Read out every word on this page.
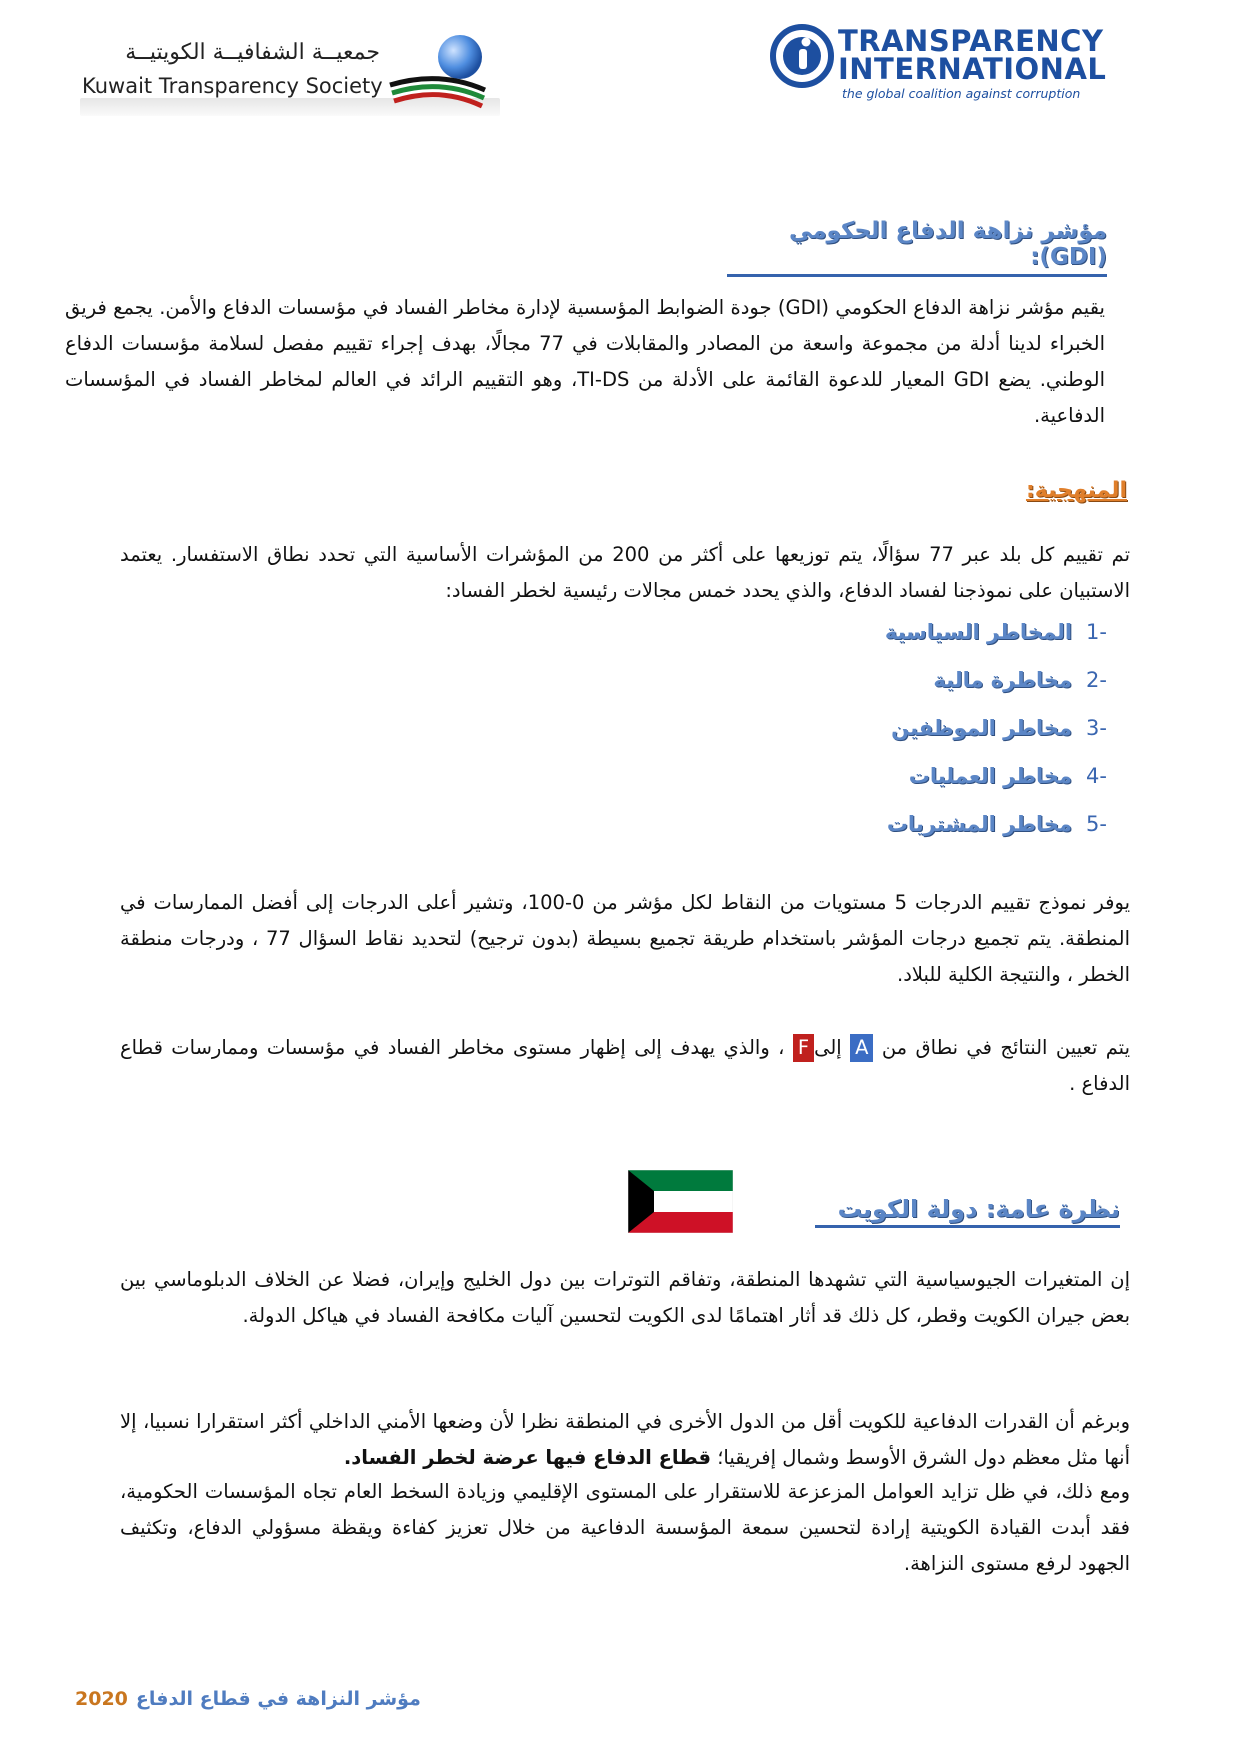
جمعيــة الشفافيــة الكويتيــة
Kuwait Transparency Society
TRANSPARENCY
INTERNATIONAL
the global coalition against corruption
مؤشر نزاهة الدفاع الحكومي (GDI):
يقيم مؤشر نزاهة الدفاع الحكومي (GDI) جودة الضوابط المؤسسية لإدارة مخاطر الفساد في مؤسسات الدفاع والأمن. يجمع فريق الخبراء لدينا أدلة من مجموعة واسعة من المصادر والمقابلات في 77 مجالًا، بهدف إجراء تقييم مفصل لسلامة مؤسسات الدفاع الوطني. يضع GDI المعيار للدعوة القائمة على الأدلة من TI-DS، وهو التقييم الرائد في العالم لمخاطر الفساد في المؤسسات الدفاعية.
المنهجية:
تم تقييم كل بلد عبر 77 سؤالًا، يتم توزيعها على أكثر من 200 من المؤشرات الأساسية التي تحدد نطاق الاستفسار. يعتمد الاستبيان على نموذجنا لفساد الدفاع، والذي يحدد خمس مجالات رئيسية لخطر الفساد:
-1المخاطر السياسية
-2مخاطرة مالية
-3مخاطر الموظفين
-4مخاطر العمليات
-5مخاطر المشتريات
يوفر نموذج تقييم الدرجات 5 مستويات من النقاط لكل مؤشر من 0-100، وتشير أعلى الدرجات إلى أفضل الممارسات في المنطقة. يتم تجميع درجات المؤشر باستخدام طريقة تجميع بسيطة (بدون ترجيح) لتحديد نقاط السؤال 77 ، ودرجات منطقة الخطر ، والنتيجة الكلية للبلاد.
يتم تعيين النتائج في نطاق من A إلىF ، والذي يهدف إلى إظهار مستوى مخاطر الفساد في مؤسسات وممارسات قطاع الدفاع .
نظرة عامة: دولة الكويت
إن المتغيرات الجيوسياسية التي تشهدها المنطقة، وتفاقم التوترات بين دول الخليج وإيران، فضلا عن الخلاف الدبلوماسي بين بعض جيران الكويت وقطر، كل ذلك قد أثار اهتمامًا لدى الكويت لتحسين آليات مكافحة الفساد في هياكل الدولة.
وبرغم أن القدرات الدفاعية للكويت أقل من الدول الأخرى في المنطقة نظرا لأن وضعها الأمني الداخلي أكثر استقرارا نسبيا، إلا أنها مثل معظم دول الشرق الأوسط وشمال إفريقيا؛ قطاع الدفاع فيها عرضة لخطر الفساد.
ومع ذلك، في ظل تزايد العوامل المزعزعة للاستقرار على المستوى الإقليمي وزيادة السخط العام تجاه المؤسسات الحكومية، فقد أبدت القيادة الكويتية إرادة لتحسين سمعة المؤسسة الدفاعية من خلال تعزيز كفاءة ويقظة مسؤولي الدفاع، وتكثيف الجهود لرفع مستوى النزاهة.
2020 مؤشر النزاهة في قطاع الدفاع
